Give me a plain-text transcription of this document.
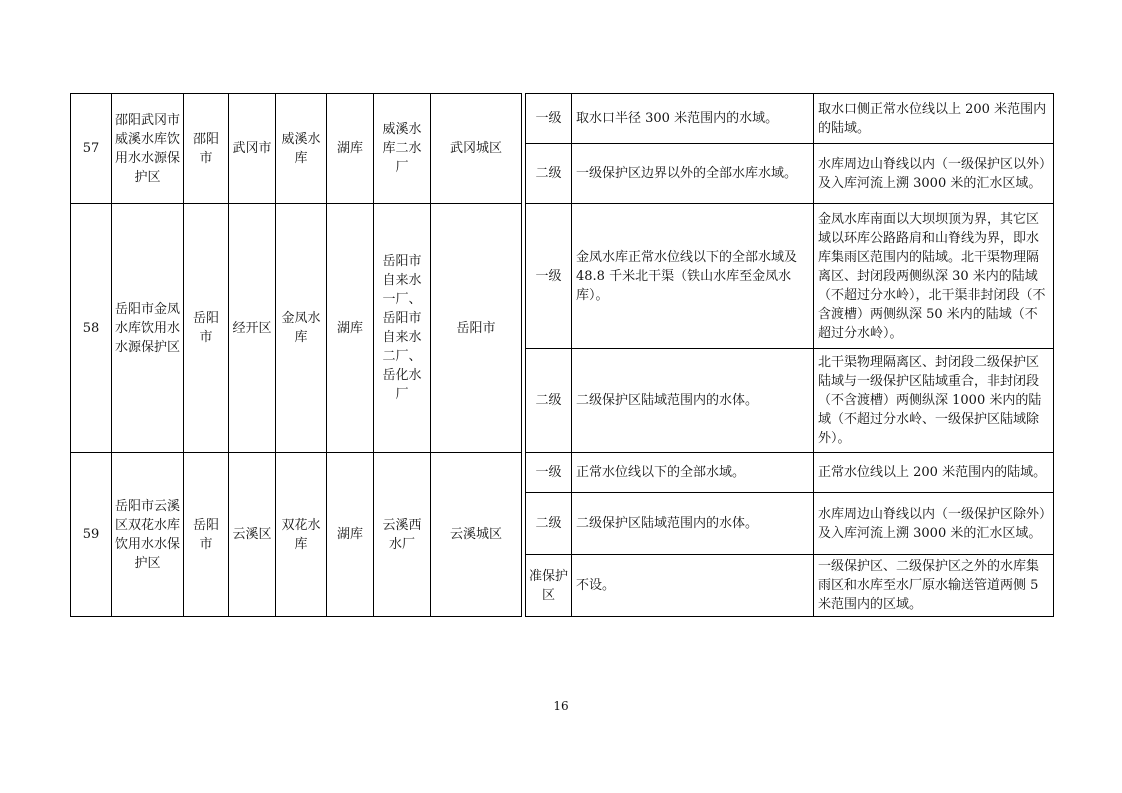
57	邵阳武冈市威溪水库饮用水水源保护区	邵阳市	武冈市	威溪水库	湖库	威溪水库二水厂	武冈城区		一级	取水口半径 300 米范围内的水域。	取水口侧正常水位线以上 200 米范围内的陆域。
									二级	一级保护区边界以外的全部水库水域。	水库周边山脊线以内（一级保护区以外）及入库河流上溯 3000 米的汇水区域。
58	岳阳市金凤水库饮用水水源保护区	岳阳市	经开区	金凤水库	湖库	岳阳市自来水一厂、岳阳市自来水二厂、岳化水厂	岳阳市		一级	金凤水库正常水位线以下的全部水域及 48.8 千米北干渠（铁山水库至金凤水库）。	金凤水库南面以大坝坝顶为界，其它区域以环库公路路肩和山脊线为界，即水库集雨区范围内的陆域。北干渠物理隔离区、封闭段两侧纵深 30 米内的陆域（不超过分水岭），北干渠非封闭段（不含渡槽）两侧纵深 50 米内的陆域（不超过分水岭）。
									二级	二级保护区陆域范围内的水体。	北干渠物理隔离区、封闭段二级保护区陆域与一级保护区陆域重合，非封闭段（不含渡槽）两侧纵深 1000 米内的陆域（不超过分水岭、一级保护区陆域除外）。
59	岳阳市云溪区双花水库饮用水水保护区	岳阳市	云溪区	双花水库	湖库	云溪西水厂	云溪城区		一级	正常水位线以下的全部水域。	正常水位线以上 200 米范围内的陆域。
									二级	二级保护区陆域范围内的水体。	水库周边山脊线以内（一级保护区除外）及入库河流上溯 3000 米的汇水区域。
									准保护区	不设。	一级保护区、二级保护区之外的水库集雨区和水库至水厂原水输送管道两侧 5 米范围内的区域。
16
